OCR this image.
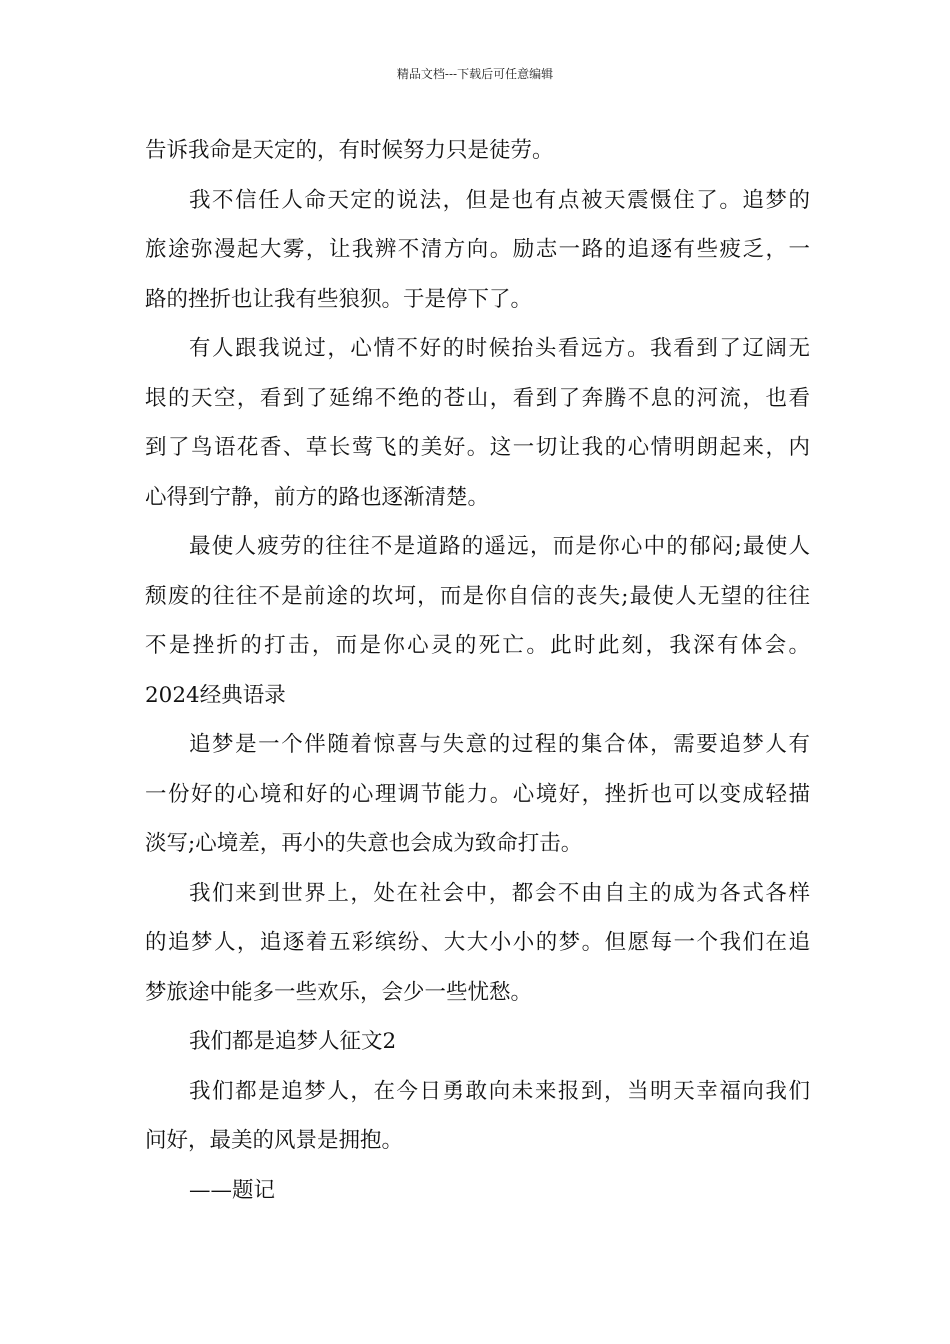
精品文档---下载后可任意编辑
告诉我命是天定的，有时候努力只是徒劳。
我不信任人命天定的说法，但是也有点被天震慑住了。追梦的
旅途弥漫起大雾，让我辨不清方向。励志一路的追逐有些疲乏，一
路的挫折也让我有些狼狈。于是停下了。
有人跟我说过，心情不好的时候抬头看远方。我看到了辽阔无
垠的天空，看到了延绵不绝的苍山，看到了奔腾不息的河流，也看
到了鸟语花香、草长莺飞的美好。这一切让我的心情明朗起来，内
心得到宁静，前方的路也逐渐清楚。
最使人疲劳的往往不是道路的遥远，而是你心中的郁闷;最使人
颓废的往往不是前途的坎坷，而是你自信的丧失;最使人无望的往往
不是挫折的打击，而是你心灵的死亡。此时此刻，我深有体会。
2024经典语录
追梦是一个伴随着惊喜与失意的过程的集合体，需要追梦人有
一份好的心境和好的心理调节能力。心境好，挫折也可以变成轻描
淡写;心境差，再小的失意也会成为致命打击。
我们来到世界上，处在社会中，都会不由自主的成为各式各样
的追梦人，追逐着五彩缤纷、大大小小的梦。但愿每一个我们在追
梦旅途中能多一些欢乐，会少一些忧愁。
我们都是追梦人征文2
我们都是追梦人，在今日勇敢向未来报到，当明天幸福向我们
问好，最美的风景是拥抱。
——题记
